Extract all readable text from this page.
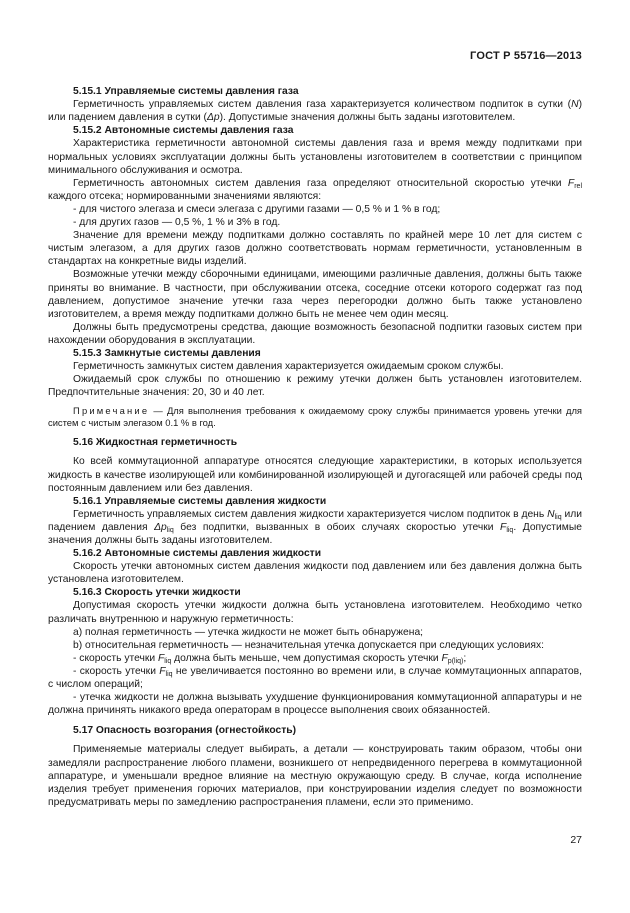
ГОСТ Р 55716—2013

5.15.1 Управляемые системы давления газа

Герметичность управляемых систем давления газа характеризуется количеством подпиток в сутки (N) или падением давления в сутки (Δp). Допустимые значения должны быть заданы изготовителем.

5.15.2 Автономные системы давления газа

Характеристика герметичности автономной системы давления газа и время между подпитками при нормальных условиях эксплуатации должны быть установлены изготовителем в соответствии с принципом минимального обслуживания и осмотра.

Герметичность автономных систем давления газа определяют относительной скоростью утечки $F_{rel}$ каждого отсека; нормированными значениями являются:

- для чистого элегаза и смеси элегаза с другими газами — 0,5 % и 1 % в год;

- для других газов — 0,5 %, 1 % и 3% в год.

Значение для времени между подпитками должно составлять по крайней мере 10 лет для систем с чистым элегазом, а для других газов должно соответствовать нормам герметичности, установленным в стандартах на конкретные виды изделий.

Возможные утечки между сборочными единицами, имеющими различные давления, должны быть также приняты во внимание. В частности, при обслуживании отсека, соседние отсеки которого содержат газ под давлением, допустимое значение утечки газа через перегородки должно быть также установлено изготовителем, а время между подпитками должно быть не менее чем один месяц.

Должны быть предусмотрены средства, дающие возможность безопасной подпитки газовых систем при нахождении оборудования в эксплуатации.

5.15.3 Замкнутые системы давления

Герметичность замкнутых систем давления характеризуется ожидаемым сроком службы.

Ожидаемый срок службы по отношению к режиму утечки должен быть установлен изготовителем. Предпочтительные значения: 20, 30 и 40 лет.

Примечание — Для выполнения требования к ожидаемому сроку службы принимается уровень утечки для систем с чистым элегазом 0.1 % в год.

5.16 Жидкостная герметичность

Ко всей коммутационной аппаратуре относятся следующие характеристики, в которых используется жидкость в качестве изолирующей или комбинированной изолирующей и дугогасящей или рабочей среды под постоянным давлением или без давления.

5.16.1 Управляемые системы давления жидкости

Герметичность управляемых систем давления жидкости характеризуется числом подпиток в день $N_{liq}$ или падением давления $\Delta p_{liq}$ без подпитки, вызванных в обоих случаях скоростью утечки $F_{liq}$. Допустимые значения должны быть заданы изготовителем.

5.16.2 Автономные системы давления жидкости

Скорость утечки автономных систем давления жидкости под давлением или без давления должна быть установлена изготовителем.

5.16.3 Скорость утечки жидкости

Допустимая скорость утечки жидкости должна быть установлена изготовителем. Необходимо четко различать внутреннюю и наружную герметичность:

а) полная герметичность — утечка жидкости не может быть обнаружена;

b) относительная герметичность — незначительная утечка допускается при следующих условиях:

- скорость утечки $F_{liq}$ должна быть меньше, чем допустимая скорость утечки $F_{p(liq)}$;

- скорость утечки $F_{liq}$ не увеличивается постоянно во времени или, в случае коммутационных аппаратов, с числом операций;

- утечка жидкости не должна вызывать ухудшение функционирования коммутационной аппаратуры и не должна причинять никакого вреда операторам в процессе выполнения своих обязанностей.

5.17 Опасность возгорания (огнестойкость)

Применяемые материалы следует выбирать, а детали — конструировать таким образом, чтобы они замедляли распространение любого пламени, возникшего от непредвиденного перегрева в коммутационной аппаратуре, и уменьшали вредное влияние на местную окружающую среду. В случае, когда исполнение изделия требует применения горючих материалов, при конструировании изделия следует по возможности предусматривать меры по замедлению распространения пламени, если это применимо.

27
